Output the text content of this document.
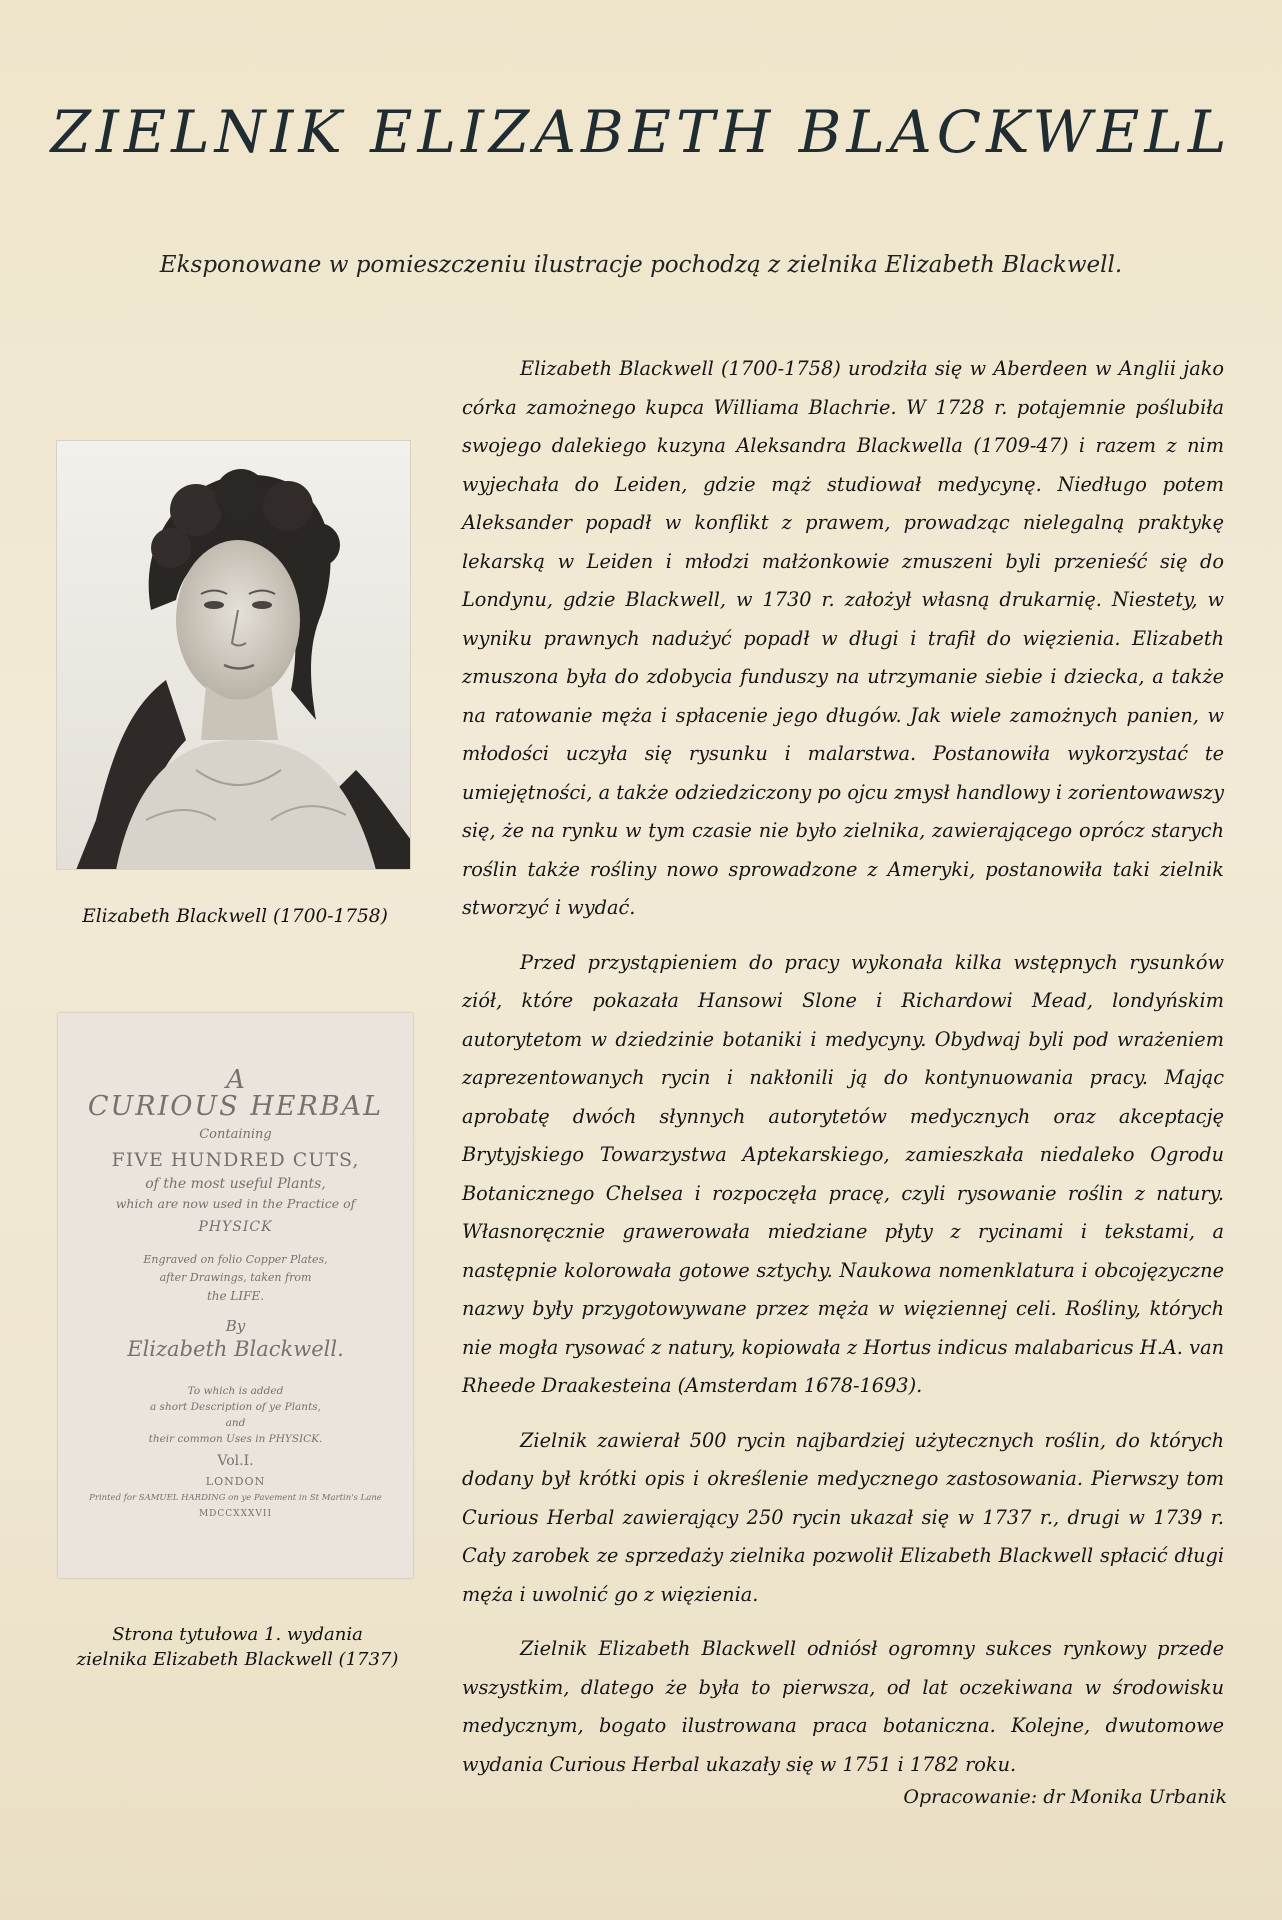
ZIELNIK ELIZABETH BLACKWELL

Eksponowane w pomieszczeniu ilustracje pochodzą z zielnika Elizabeth Blackwell.

Elizabeth Blackwell (1700-1758)
A
CURIOUS HERBAL
Containing
FIVE HUNDRED CUTS,
of the most useful Plants,
which are now used in the Practice of
PHYSICK
Engraved on folio Copper Plates,
after Drawings, taken from
the LIFE.
By
Elizabeth Blackwell.
To which is added
a short Description of ye Plants,
and
their common Uses in PHYSICK.
Vol.I.
LONDON
Printed for SAMUEL HARDING on ye Pavement in St Martin's Lane
MDCCXXXVII
Strona tytułowa 1. wydania
zielnika Elizabeth Blackwell (1737)

Elizabeth Blackwell (1700-1758) urodziła się w Aberdeen w Anglii jako córka zamożnego kupca Williama Blachrie. W 1728 r. potajemnie poślubiła swojego dalekiego kuzyna Aleksandra Blackwella (1709-47) i razem z nim wyjechała do Leiden, gdzie mąż studiował medycynę. Niedługo potem Aleksander popadł w konflikt z prawem, prowadząc nielegalną praktykę lekarską w Leiden i młodzi małżonkowie zmuszeni byli przenieść się do Londynu, gdzie Blackwell, w 1730 r. założył własną drukarnię. Niestety, w wyniku prawnych nadużyć popadł w długi i trafił do więzienia. Elizabeth zmuszona była do zdobycia funduszy na utrzymanie siebie i dziecka, a także na ratowanie męża i spłacenie jego długów. Jak wiele zamożnych panien, w młodości uczyła się rysunku i malarstwa. Postanowiła wykorzystać te umiejętności, a także odziedziczony po ojcu zmysł handlowy i zorientowawszy się, że na rynku w tym czasie nie było zielnika, zawierającego oprócz starych roślin także rośliny nowo sprowadzone z Ameryki, postanowiła taki zielnik stworzyć i wydać.

Przed przystąpieniem do pracy wykonała kilka wstępnych rysunków ziół, które pokazała Hansowi Slone i Richardowi Mead, londyńskim autorytetom w dziedzinie botaniki i medycyny. Obydwaj byli pod wrażeniem zaprezentowanych rycin i nakłonili ją do kontynuowania pracy. Mając aprobatę dwóch słynnych autorytetów medycznych oraz akceptację Brytyjskiego Towarzystwa Aptekarskiego, zamieszkała niedaleko Ogrodu Botanicznego Chelsea i rozpoczęła pracę, czyli rysowanie roślin z natury. Własnoręcznie grawerowała miedziane płyty z rycinami i tekstami, a następnie kolorowała gotowe sztychy. Naukowa nomenklatura i obcojęzyczne nazwy były przygotowywane przez męża w więziennej celi. Rośliny, których nie mogła rysować z natury, kopiowała z Hortus indicus malabaricus H.A. van Rheede Draakesteina (Amsterdam 1678-1693).

Zielnik zawierał 500 rycin najbardziej użytecznych roślin, do których dodany był krótki opis i określenie medycznego zastosowania. Pierwszy tom Curious Herbal zawierający 250 rycin ukazał się w 1737 r., drugi w 1739 r. Cały zarobek ze sprzedaży zielnika pozwolił Elizabeth Blackwell spłacić długi męża i uwolnić go z więzienia.

Zielnik Elizabeth Blackwell odniósł ogromny sukces rynkowy przede wszystkim, dlatego że była to pierwsza, od lat oczekiwana w środowisku medycznym, bogato ilustrowana praca botaniczna. Kolejne, dwutomowe wydania Curious Herbal ukazały się w 1751 i 1782 roku.

Opracowanie: dr Monika Urbanik
